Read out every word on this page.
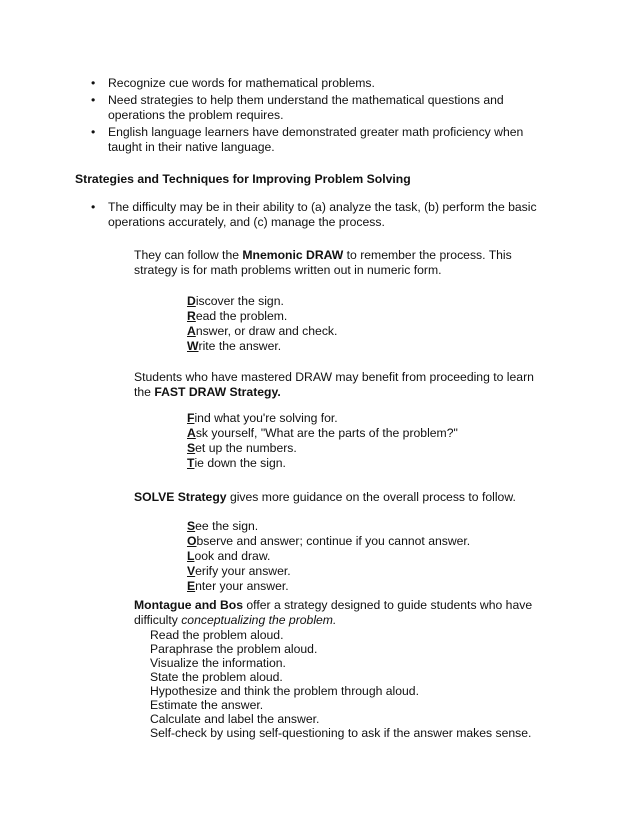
• Recognize cue words for mathematical problems.
• Need strategies to help them understand the mathematical questions and operations the problem requires.
• English language learners have demonstrated greater math proficiency when taught in their native language.
Strategies and Techniques for Improving Problem Solving
• The difficulty may be in their ability to (a) analyze the task, (b) perform the basic operations accurately, and (c) manage the process.
They can follow the Mnemonic DRAW to remember the process. This strategy is for math problems written out in numeric form.
Discover the sign.
Read the problem.
Answer, or draw and check.
Write the answer.
Students who have mastered DRAW may benefit from proceeding to learn the FAST DRAW Strategy.
Find what you're solving for.
Ask yourself, "What are the parts of the problem?"
Set up the numbers.
Tie down the sign.
SOLVE Strategy gives more guidance on the overall process to follow.
See the sign.
Observe and answer; continue if you cannot answer.
Look and draw.
Verify your answer.
Enter your answer.
Montague and Bos offer a strategy designed to guide students who have difficulty conceptualizing the problem.
Read the problem aloud.
Paraphrase the problem aloud.
Visualize the information.
State the problem aloud.
Hypothesize and think the problem through aloud.
Estimate the answer.
Calculate and label the answer.
Self-check by using self-questioning to ask if the answer makes sense.
